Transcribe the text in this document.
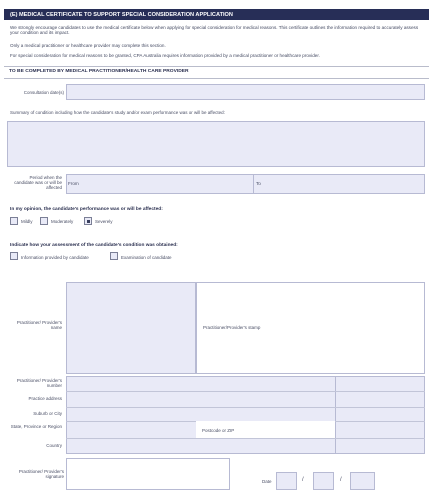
(E) MEDICAL CERTIFICATE TO SUPPORT SPECIAL CONSIDERATION APPLICATION
We strongly encourage candidates to use the medical certificate below when applying for special consideration for medical reasons. This certificate outlines the information required to accurately assess your condition and its impact.
Only a medical practitioner or healthcare provider may complete this section.
For special consideration for medical reasons to be granted, CPA Australia requires information provided by a medical practitioner or healthcare provider.
TO BE COMPLETED BY MEDICAL PRACTITIONER/HEALTH CARE PROVIDER
Consultation date(s)
Summary of condition including how the candidate's study and/or exam performance was or will be affected:
Period when the candidate was or will be affected
From	To
In my opinion, the candidate's performance was or will be affected:
Mildly	Moderately	Severely
Indicate how your assessment of the candidate's condition was obtained:
Information provided by candidate	Examination of candidate
Practitioner/ Provider's name	Practitioner/Provider's stamp
Practitioner/ Provider's number
Practice address
Suburb or City
State, Province or Region
Postcode or ZIP
Country
Practitioner/ Provider's signature
Date	/	/
